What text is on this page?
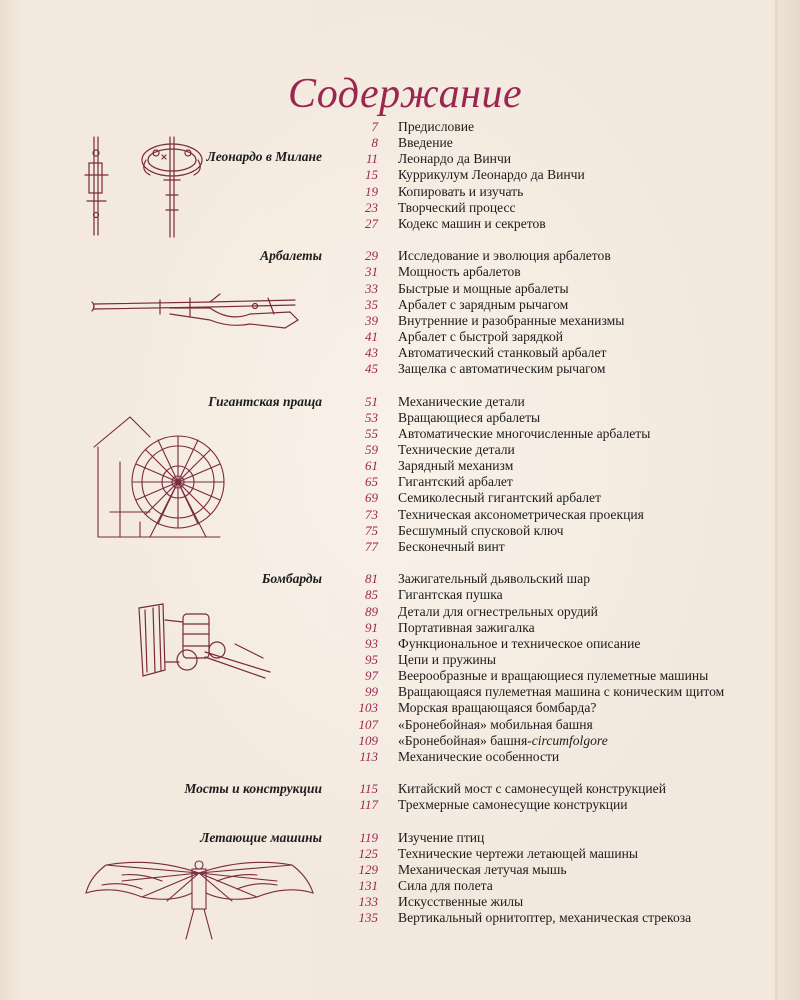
Содержание
Леонардо в Милане
7 Предисловие
8 Введение
11 Леонардо да Винчи
15 Куррикулум Леонардо да Винчи
19 Копировать и изучать
23 Творческий процесс
27 Кодекс машин и секретов
Арбалеты	29 Исследование и эволюция арбалетов
31 Мощность арбалетов
33 Быстрые и мощные арбалеты
35 Арбалет с зарядным рычагом
39 Внутренние и разобранные механизмы
41 Арбалет с быстрой зарядкой
43 Автоматический станковый арбалет
45 Защелка с автоматическим рычагом
Гигантская праща	51 Механические детали
53 Вращающиеся арбалеты
55 Автоматические многочисленные арбалеты
59 Технические детали
61 Зарядный механизм
65 Гигантский арбалет
69 Семиколесный гигантский арбалет
73 Техническая аксонометрическая проекция
75 Бесшумный спусковой ключ
77 Бесконечный винт
Бомбарды	81 Зажигательный дьявольский шар
85 Гигантская пушка
89 Детали для огнестрельных орудий
91 Портативная зажигалка
93 Функциональное и техническое описание
95 Цепи и пружины
97 Веерообразные и вращающиеся пулеметные машины
99 Вращающаяся пулеметная машина с коническим щитом
103 Морская вращающаяся бомбарда?
107 «Бронебойная» мобильная башня
109 «Бронебойная» башня-circumfolgore
113 Механические особенности
Мосты и конструкции	115 Китайский мост с самонесущей конструкцией
117 Трехмерные самонесущие конструкции
Летающие машины	119 Изучение птиц
125 Технические чертежи летающей машины
129 Механическая летучая мышь
131 Сила для полета
133 Искусственные жилы
135 Вертикальный орнитоптер, механическая стрекоза
